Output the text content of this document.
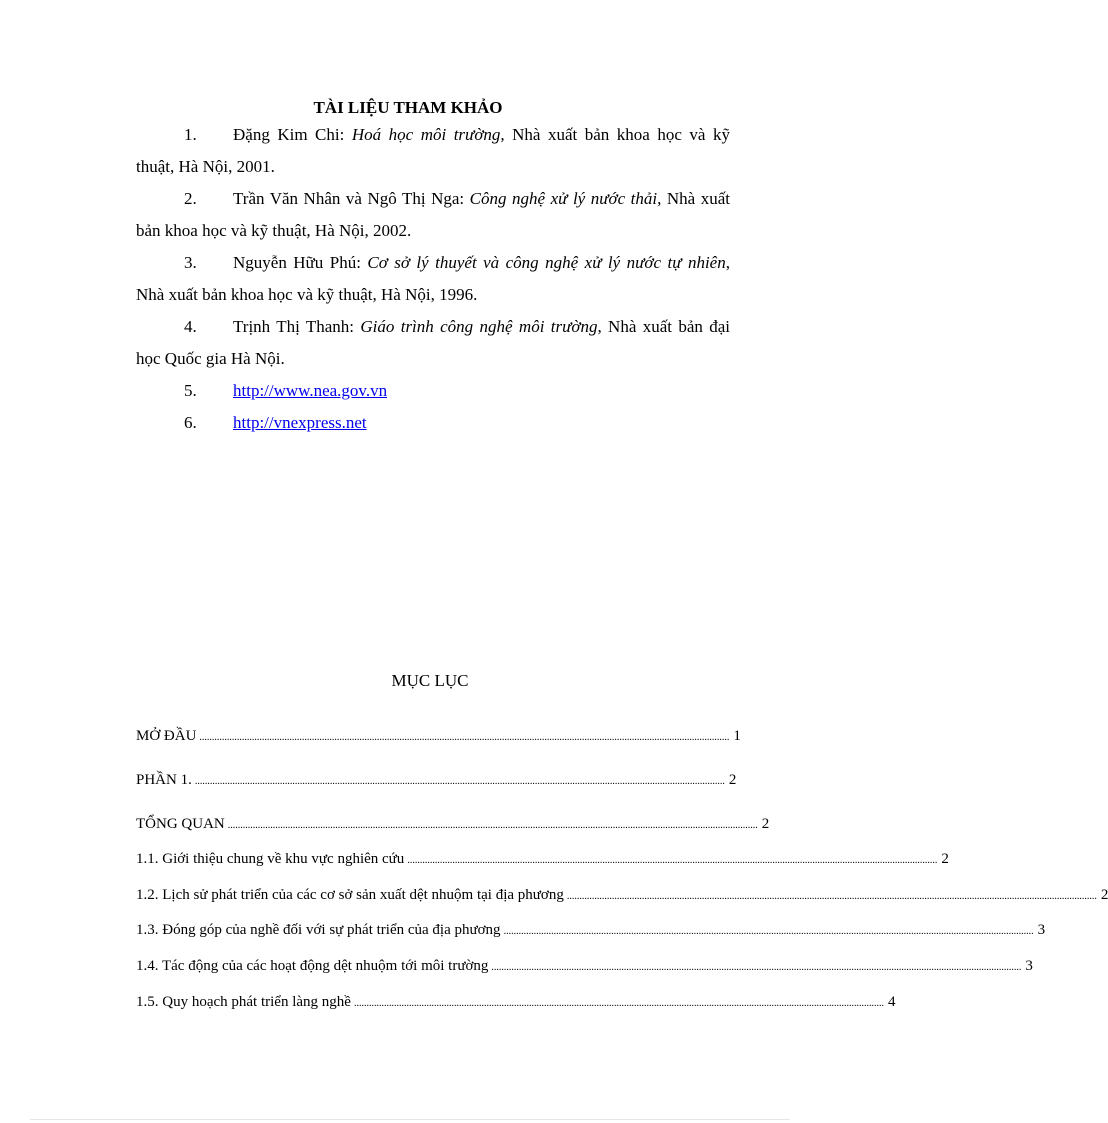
TÀI LIỆU THAM KHẢO
1. Đặng Kim Chi: Hoá học môi trường, Nhà xuất bản khoa học và kỹ thuật, Hà Nội, 2001.
2. Trần Văn Nhân và Ngô Thị Nga: Công nghệ xử lý nước thải, Nhà xuất bản khoa học và kỹ thuật, Hà Nội, 2002.
3. Nguyễn Hữu Phú: Cơ sở lý thuyết và công nghệ xử lý nước tự nhiên, Nhà xuất bản khoa học và kỹ thuật, Hà Nội, 1996.
4. Trịnh Thị Thanh: Giáo trình công nghệ môi trường, Nhà xuất bản đại học Quốc gia Hà Nội.
5. http://www.nea.gov.vn
6. http://vnexpress.net
MỤC LỤC
MỞ ĐẦU .................................................................................................................................................................................................................... 1
PHẦN 1. .................................................................................................................................................................................................................... 2
TỔNG QUAN .................................................................................................................................................................................................................... 2
1.1. Giới thiệu chung về khu vực nghiên cứu .................................................................................................................................................................................................................... 2
1.2. Lịch sử phát triển của các cơ sở sản xuất dệt nhuộm tại địa phương .................................................................................................................................................................................................................... 2
1.3. Đóng góp của nghề đối với sự phát triển của địa phương .................................................................................................................................................................................................................... 3
1.4. Tác động của các hoạt động dệt nhuộm tới môi trường .................................................................................................................................................................................................................... 3
1.5. Quy hoạch phát triển làng nghề .................................................................................................................................................................................................................... 4
